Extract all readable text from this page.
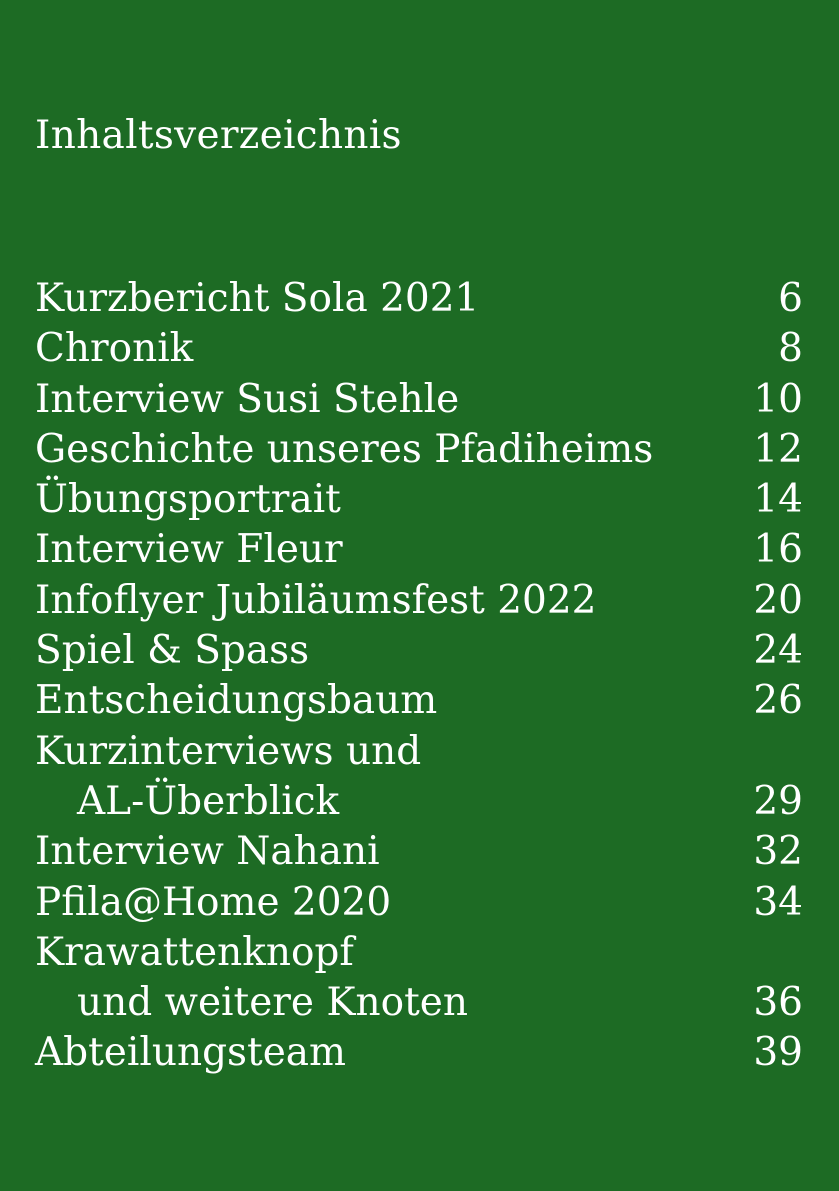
Inhaltsverzeichnis
Kurzbericht Sola 2021	6
Chronik	8
Interview Susi Stehle	10
Geschichte unseres Pfadiheims	12
Übungsportrait	14
Interview Fleur	16
Infoflyer Jubiläumsfest 2022	20
Spiel & Spass	24
Entscheidungsbaum	26
Kurzinterviews und
AL-Überblick	29
Interview Nahani	32
Pfila@Home 2020	34
Krawattenknopf
und weitere Knoten	36
Abteilungsteam	39
